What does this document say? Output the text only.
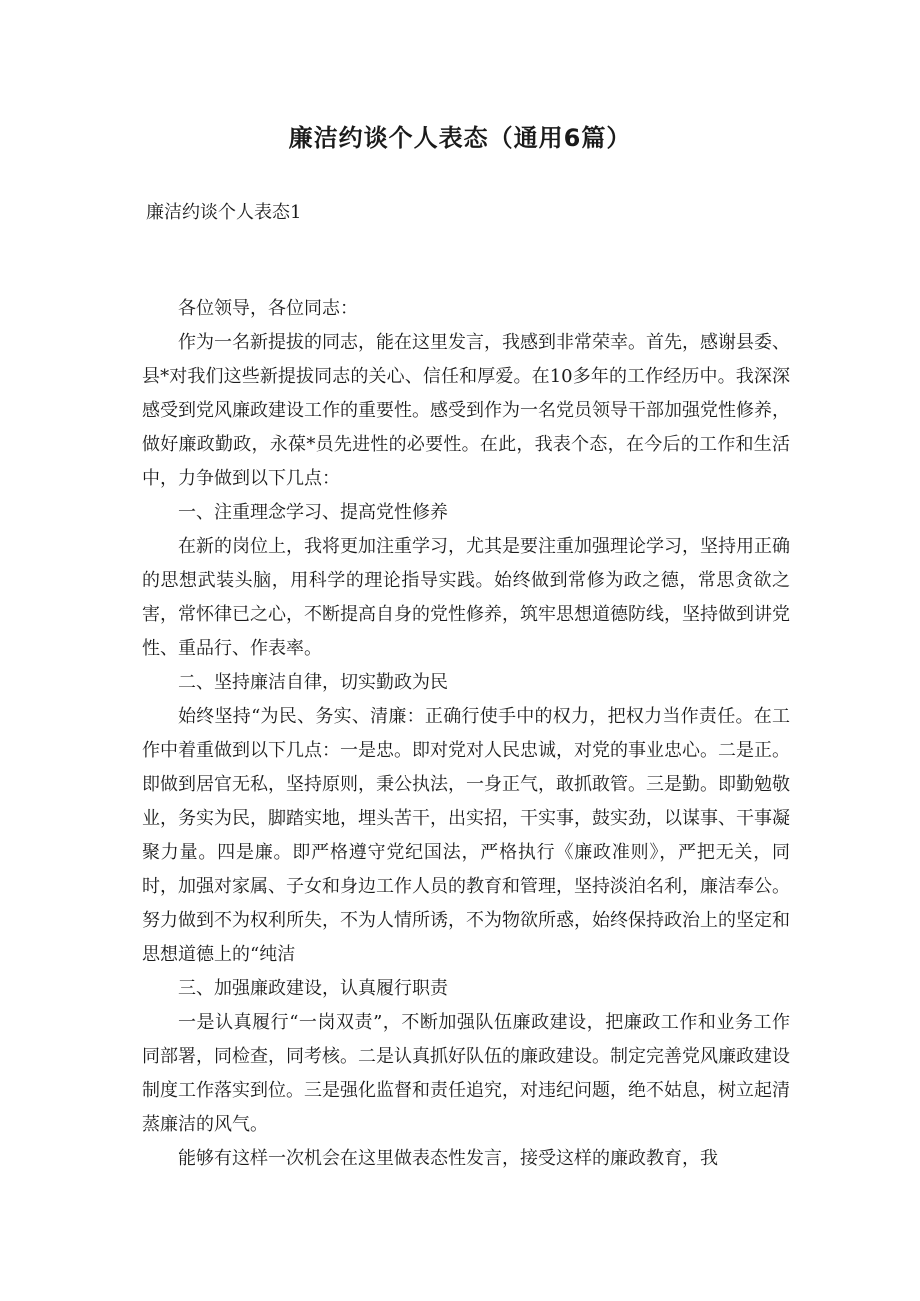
廉洁约谈个人表态（通用6篇）
廉洁约谈个人表态1

各位领导，各位同志：

作为一名新提拔的同志，能在这里发言，我感到非常荣幸。首先，感谢县委、县*对我们这些新提拔同志的关心、信任和厚爱。在10多年的工作经历中。我深深感受到党风廉政建设工作的重要性。感受到作为一名党员领导干部加强党性修养，做好廉政勤政，永葆*员先进性的必要性。在此，我表个态，在今后的工作和生活中，力争做到以下几点：

一、注重理念学习、提高党性修养

在新的岗位上，我将更加注重学习，尤其是要注重加强理论学习，坚持用正确的思想武装头脑，用科学的理论指导实践。始终做到常修为政之德，常思贪欲之害，常怀律已之心，不断提高自身的党性修养，筑牢思想道德防线，坚持做到讲党性、重品行、作表率。

二、坚持廉洁自律，切实勤政为民

始终坚持“为民、务实、清廉：正确行使手中的权力，把权力当作责任。在工作中着重做到以下几点：一是忠。即对党对人民忠诚，对党的事业忠心。二是正。即做到居官无私，坚持原则，秉公执法，一身正气，敢抓敢管。三是勤。即勤勉敬业，务实为民，脚踏实地，埋头苦干，出实招，干实事，鼓实劲，以谋事、干事凝聚力量。四是廉。即严格遵守党纪国法，严格执行《廉政准则》，严把无关，同时，加强对家属、子女和身边工作人员的教育和管理，坚持淡泊名利，廉洁奉公。努力做到不为权利所失，不为人情所诱，不为物欲所惑，始终保持政治上的坚定和思想道德上的“纯洁

三、加强廉政建设，认真履行职责

一是认真履行“一岗双责”，不断加强队伍廉政建设，把廉政工作和业务工作同部署，同检查，同考核。二是认真抓好队伍的廉政建设。制定完善党风廉政建设制度工作落实到位。三是强化监督和责任追究，对违纪问题，绝不姑息，树立起清蒸廉洁的风气。

能够有这样一次机会在这里做表态性发言，接受这样的廉政教育，我
